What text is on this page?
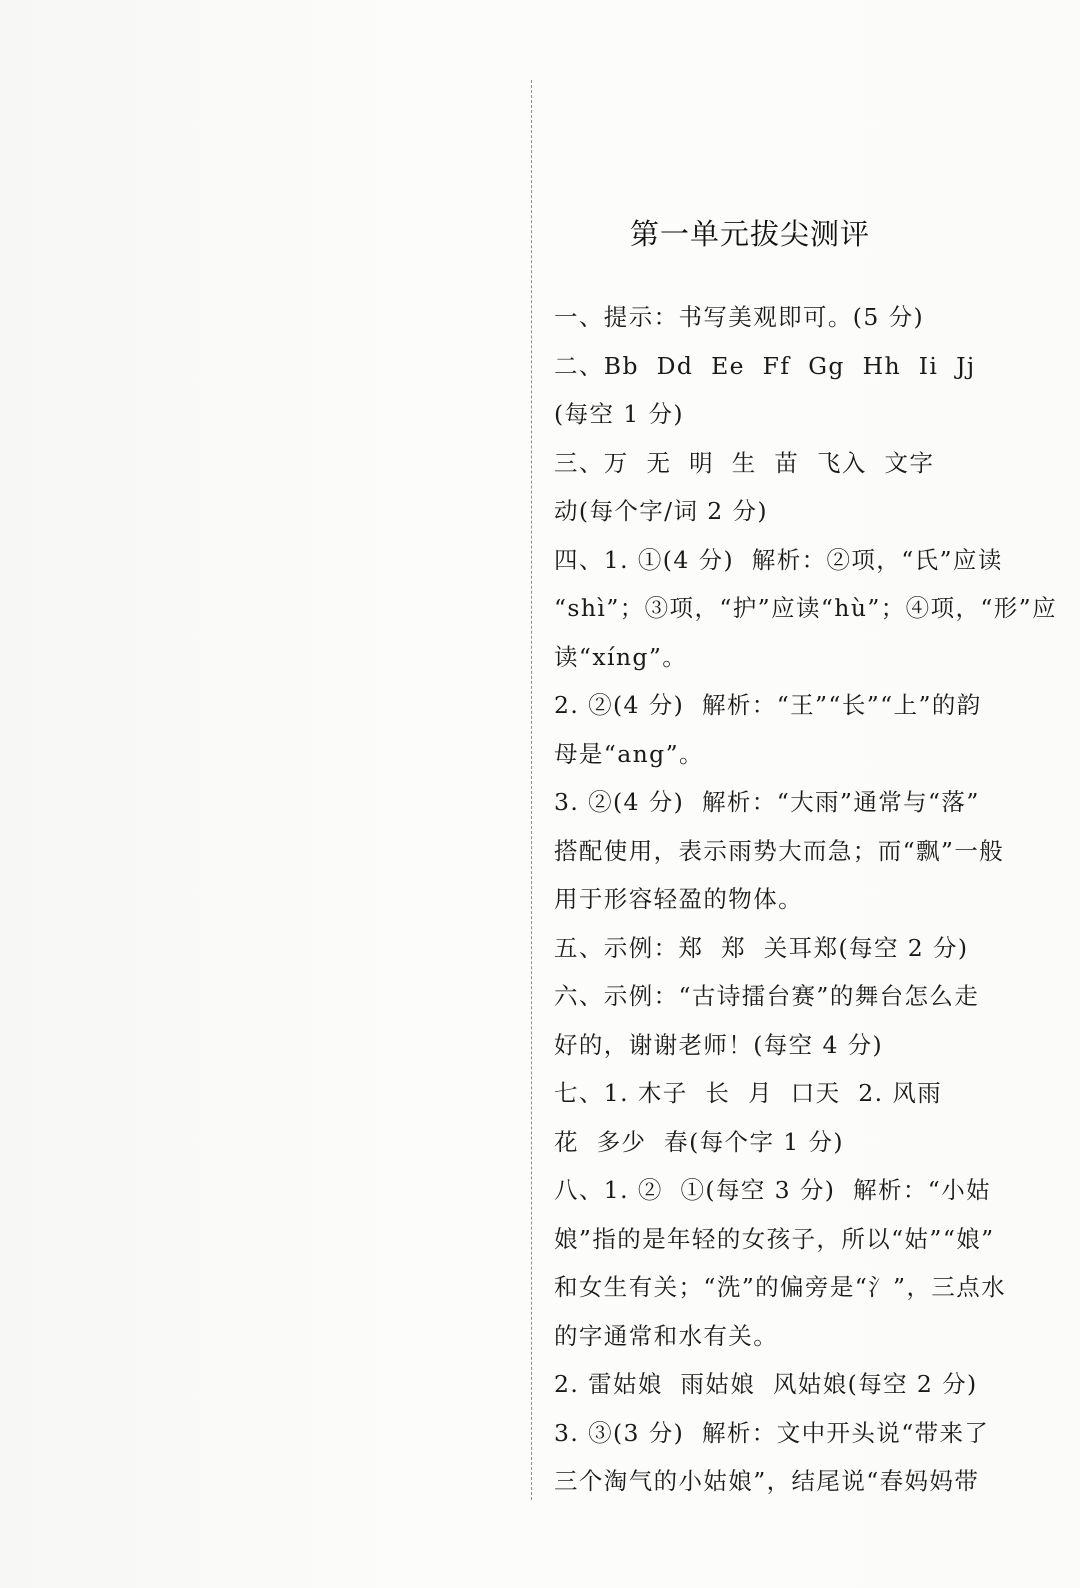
第一单元拔尖测评
一、提示：书写美观即可。(5 分)
二、Bb  Dd  Ee  Ff  Gg  Hh  Ii  Jj
(每空 1 分)
三、万  无  明  生  苗  飞入  文字
动(每个字/词 2 分)
四、1. ①(4 分)  解析：②项，“氏”应读
“shì”；③项，“护”应读“hù”；④项，“形”应
读“xíng”。
2. ②(4 分)  解析：“王”“长”“上”的韵
母是“ang”。
3. ②(4 分)  解析：“大雨”通常与“落”
搭配使用，表示雨势大而急；而“飘”一般
用于形容轻盈的物体。
五、示例：郑  郑  关耳郑(每空 2 分)
六、示例：“古诗擂台赛”的舞台怎么走
好的，谢谢老师！(每空 4 分)
七、1. 木子  长  月  口天  2. 风雨
花  多少  春(每个字 1 分)
八、1. ②  ①(每空 3 分)  解析：“小姑
娘”指的是年轻的女孩子，所以“姑”“娘”
和女生有关；“洗”的偏旁是“氵”，三点水
的字通常和水有关。
2. 雷姑娘  雨姑娘  风姑娘(每空 2 分)
3. ③(3 分)  解析：文中开头说“带来了
三个淘气的小姑娘”，结尾说“春妈妈带
